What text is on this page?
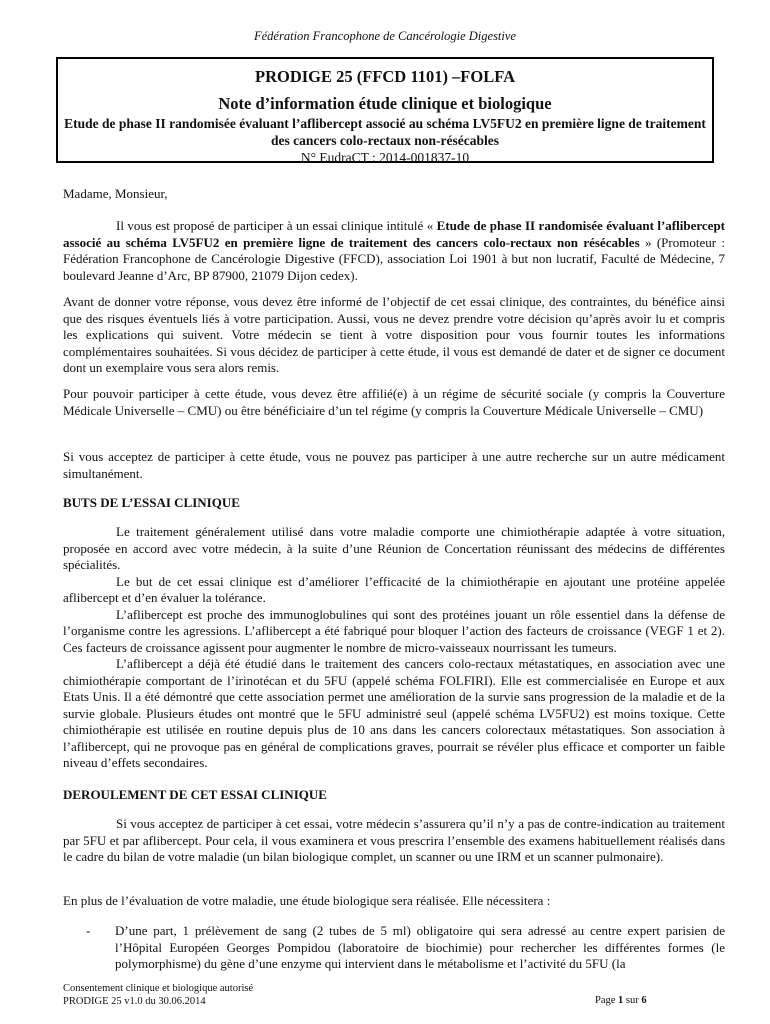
Fédération Francophone de Cancérologie Digestive
PRODIGE 25 (FFCD 1101) –FOLFA
Note d’information étude clinique et biologique
Etude de phase II randomisée évaluant l’aflibercept associé au schéma LV5FU2 en première ligne de traitement des cancers colo-rectaux non-résécables
N° EudraCT : 2014-001837-10
Madame, Monsieur,

Il vous est proposé de participer à un essai clinique intitulé « Etude de phase II randomisée évaluant l’aflibercept associé au schéma LV5FU2 en première ligne de traitement des cancers colo-rectaux non résécables » (Promoteur : Fédération Francophone de Cancérologie Digestive (FFCD), association Loi 1901 à but non lucratif, Faculté de Médecine, 7 boulevard Jeanne d’Arc, BP 87900, 21079 Dijon cedex).

Avant de donner votre réponse, vous devez être informé de l’objectif de cet essai clinique, des contraintes, du bénéfice ainsi que des risques éventuels liés à votre participation. Aussi, vous ne devez prendre votre décision qu’après avoir lu et compris les explications qui suivent. Votre médecin se tient à votre disposition pour vous fournir toutes les informations complémentaires souhaitées. Si vous décidez de participer à cette étude, il vous est demandé de dater et de signer ce document dont un exemplaire vous sera alors remis.

Pour pouvoir participer à cette étude, vous devez être affilié(e) à un régime de sécurité sociale (y compris la Couverture Médicale Universelle – CMU) ou être bénéficiaire d’un tel régime (y compris la Couverture Médicale Universelle – CMU)

Si vous acceptez de participer à cette étude, vous ne pouvez pas participer à une autre recherche sur un autre médicament simultanément.

BUTS DE L’ESSAI CLINIQUE

Le traitement généralement utilisé dans votre maladie comporte une chimiothérapie adaptée à votre situation, proposée en accord avec votre médecin, à la suite d’une Réunion de Concertation réunissant des médecins de différentes spécialités.

Le but de cet essai clinique est d’améliorer l’efficacité de la chimiothérapie en ajoutant une protéine appelée aflibercept et d’en évaluer la tolérance.

L’aflibercept est proche des immunoglobulines qui sont des protéines jouant un rôle essentiel dans la défense de l’organisme contre les agressions. L’aflibercept a été fabriqué pour bloquer l’action des facteurs de croissance (VEGF 1 et 2). Ces facteurs de croissance agissent pour augmenter le nombre de micro-vaisseaux nourrissant les tumeurs.

L’aflibercept a déjà été étudié dans le traitement des cancers colo-rectaux métastatiques, en association avec une chimiothérapie comportant de l’irinotécan et du 5FU (appelé schéma FOLFIRI). Elle est commercialisée en Europe et aux Etats Unis. Il a été démontré que cette association permet une amélioration de la survie sans progression de la maladie et de la survie globale. Plusieurs études ont montré que le 5FU administré seul (appelé schéma LV5FU2) est moins toxique. Cette chimiothérapie est utilisée en routine depuis plus de 10 ans dans les cancers colorectaux métastatiques. Son association à l’aflibercept, qui ne provoque pas en général de complications graves, pourrait se révéler plus efficace et comporter un faible niveau d’effets secondaires.

DEROULEMENT DE CET ESSAI CLINIQUE

Si vous acceptez de participer à cet essai, votre médecin s’assurera qu’il n’y a pas de contre-indication au traitement par 5FU et par aflibercept. Pour cela, il vous examinera et vous prescrira l’ensemble des examens habituellement réalisés dans le cadre du bilan de votre maladie (un bilan biologique complet, un scanner ou une IRM et un scanner pulmonaire).

En plus de l’évaluation de votre maladie, une étude biologique sera réalisée. Elle nécessitera :

- D’une part, 1 prélèvement de sang (2 tubes de 5 ml) obligatoire qui sera adressé au centre expert parisien de l’Hôpital Européen Georges Pompidou (laboratoire de biochimie) pour rechercher les différentes formes (le polymorphisme) du gène d’une enzyme qui intervient dans le métabolisme et l’activité du 5FU (la
Consentement clinique et biologique autorisé
PRODIGE 25 v1.0 du 30.06.2014	Page 1 sur 6
